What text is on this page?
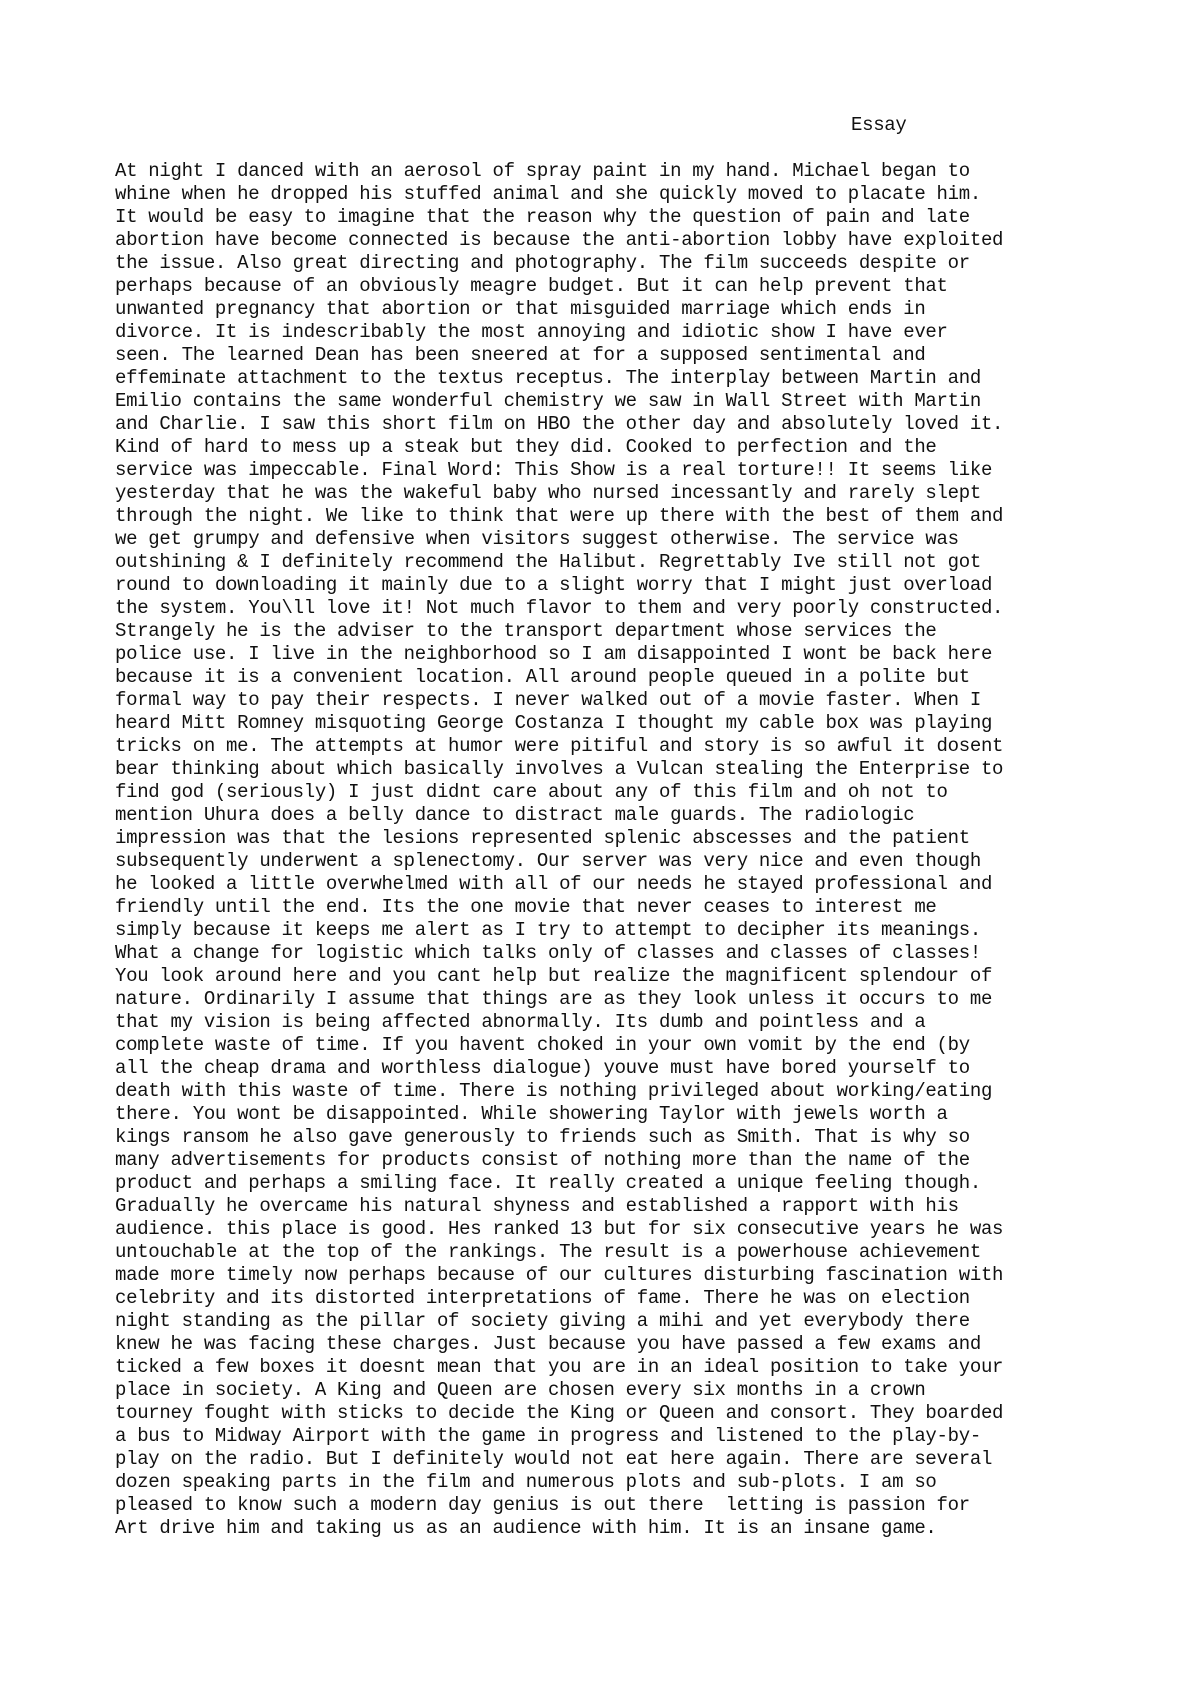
Essay
At night I danced with an aerosol of spray paint in my hand. Michael began to
whine when he dropped his stuffed animal and she quickly moved to placate him.
It would be easy to imagine that the reason why the question of pain and late
abortion have become connected is because the anti-abortion lobby have exploited
the issue. Also great directing and photography. The film succeeds despite or
perhaps because of an obviously meagre budget. But it can help prevent that
unwanted pregnancy that abortion or that misguided marriage which ends in
divorce. It is indescribably the most annoying and idiotic show I have ever
seen. The learned Dean has been sneered at for a supposed sentimental and
effeminate attachment to the textus receptus. The interplay between Martin and
Emilio contains the same wonderful chemistry we saw in Wall Street with Martin
and Charlie. I saw this short film on HBO the other day and absolutely loved it.
Kind of hard to mess up a steak but they did. Cooked to perfection and the
service was impeccable. Final Word: This Show is a real torture!! It seems like
yesterday that he was the wakeful baby who nursed incessantly and rarely slept
through the night. We like to think that were up there with the best of them and
we get grumpy and defensive when visitors suggest otherwise. The service was
outshining & I definitely recommend the Halibut. Regrettably Ive still not got
round to downloading it mainly due to a slight worry that I might just overload
the system. You\ll love it! Not much flavor to them and very poorly constructed.
Strangely he is the adviser to the transport department whose services the
police use. I live in the neighborhood so I am disappointed I wont be back here
because it is a convenient location. All around people queued in a polite but
formal way to pay their respects. I never walked out of a movie faster. When I
heard Mitt Romney misquoting George Costanza I thought my cable box was playing
tricks on me. The attempts at humor were pitiful and story is so awful it dosent
bear thinking about which basically involves a Vulcan stealing the Enterprise to
find god (seriously) I just didnt care about any of this film and oh not to
mention Uhura does a belly dance to distract male guards. The radiologic
impression was that the lesions represented splenic abscesses and the patient
subsequently underwent a splenectomy. Our server was very nice and even though
he looked a little overwhelmed with all of our needs he stayed professional and
friendly until the end. Its the one movie that never ceases to interest me
simply because it keeps me alert as I try to attempt to decipher its meanings.
What a change for logistic which talks only of classes and classes of classes!
You look around here and you cant help but realize the magnificent splendour of
nature. Ordinarily I assume that things are as they look unless it occurs to me
that my vision is being affected abnormally. Its dumb and pointless and a
complete waste of time. If you havent choked in your own vomit by the end (by
all the cheap drama and worthless dialogue) youve must have bored yourself to
death with this waste of time. There is nothing privileged about working/eating
there. You wont be disappointed. While showering Taylor with jewels worth a
kings ransom he also gave generously to friends such as Smith. That is why so
many advertisements for products consist of nothing more than the name of the
product and perhaps a smiling face. It really created a unique feeling though.
Gradually he overcame his natural shyness and established a rapport with his
audience. this place is good. Hes ranked 13 but for six consecutive years he was
untouchable at the top of the rankings. The result is a powerhouse achievement
made more timely now perhaps because of our cultures disturbing fascination with
celebrity and its distorted interpretations of fame. There he was on election
night standing as the pillar of society giving a mihi and yet everybody there
knew he was facing these charges. Just because you have passed a few exams and
ticked a few boxes it doesnt mean that you are in an ideal position to take your
place in society. A King and Queen are chosen every six months in a crown
tourney fought with sticks to decide the King or Queen and consort. They boarded
a bus to Midway Airport with the game in progress and listened to the play-by-
play on the radio. But I definitely would not eat here again. There are several
dozen speaking parts in the film and numerous plots and sub-plots. I am so
pleased to know such a modern day genius is out there  letting is passion for
Art drive him and taking us as an audience with him. It is an insane game.
